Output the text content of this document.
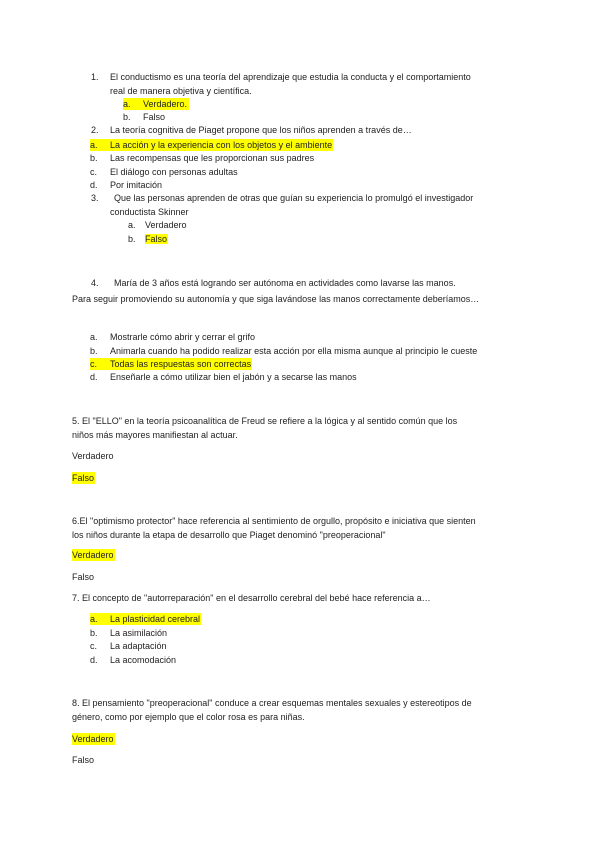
1. El conductismo es una teoría del aprendizaje que estudia la conducta y el comportamiento
real de manera objetiva y científica.
a. Verdadero.
b. Falso
2. La teoría cognitiva de Piaget propone que los niños aprenden a través de…
a. La acción y la experiencia con los objetos y el ambiente
b. Las recompensas que les proporcionan sus padres
c. El diálogo con personas adultas
d. Por imitación
3. Que las personas aprenden de otras que guían su experiencia lo promulgó el investigador
conductista Skinner
a. Verdadero
b. Falso
4. María de 3 años está logrando ser autónoma en actividades como lavarse las manos.
Para seguir promoviendo su autonomía y que siga lavándose las manos correctamente deberíamos…
a. Mostrarle cómo abrir y cerrar el grifo
b. Animarla cuando ha podido realizar esta acción por ella misma aunque al principio le cueste
c. Todas las respuestas son correctas
d. Enseñarle a cómo utilizar bien el jabón y a secarse las manos
5. El "ELLO" en la teoría psicoanalítica de Freud se refiere a la lógica y al sentido común que los
niños más mayores manifiestan al actuar.
Verdadero
Falso
6.El "optimismo protector" hace referencia al sentimiento de orgullo, propósito e iniciativa que sienten
los niños durante la etapa de desarrollo que Piaget denominó "preoperacional"
Verdadero
Falso
7. El concepto de "autorreparación" en el desarrollo cerebral del bebé hace referencia a…
a. La plasticidad cerebral
b. La asimilación
c. La adaptación
d. La acomodación
8. El pensamiento "preoperacional" conduce a crear esquemas mentales sexuales y estereotipos de
género, como por ejemplo que el color rosa es para niñas.
Verdadero
Falso
